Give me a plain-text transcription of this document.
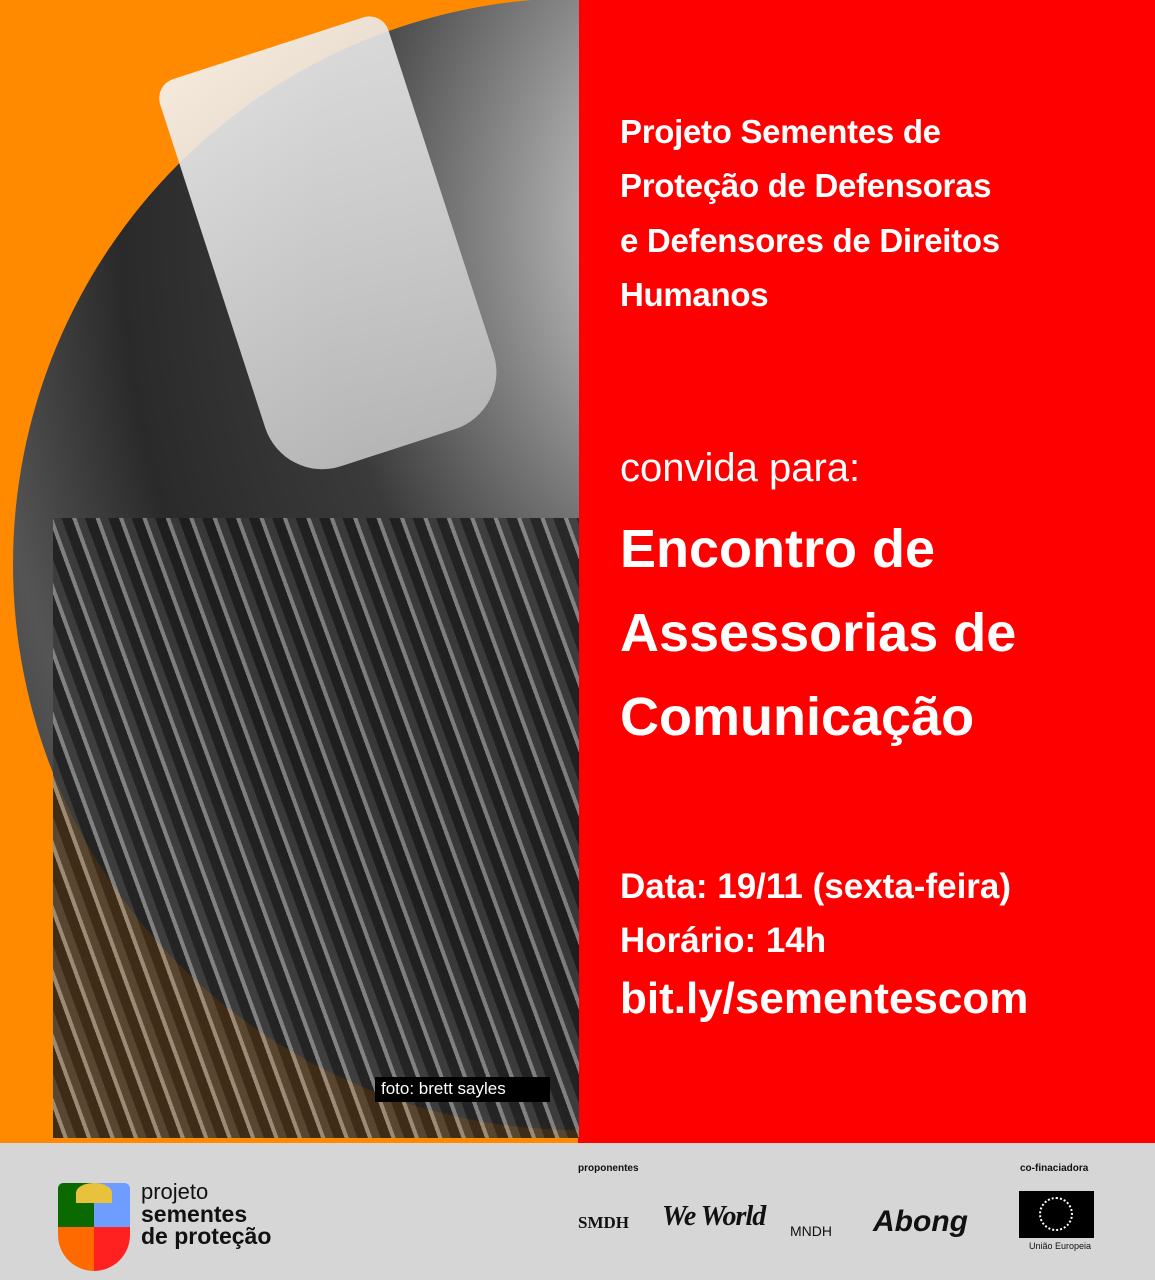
foto: brett sayles
Projeto Sementes de
Proteção de Defensoras
e Defensores de Direitos
Humanos
convida para:
Encontro de
Assessorias de
Comunicação
Data: 19/11 (sexta-feira)
Horário: 14h
bit.ly/sementescom
projeto
sementes
de proteção
proponentes
SMDH We World MNDH Abong
co-finaciadora
União Europeia
